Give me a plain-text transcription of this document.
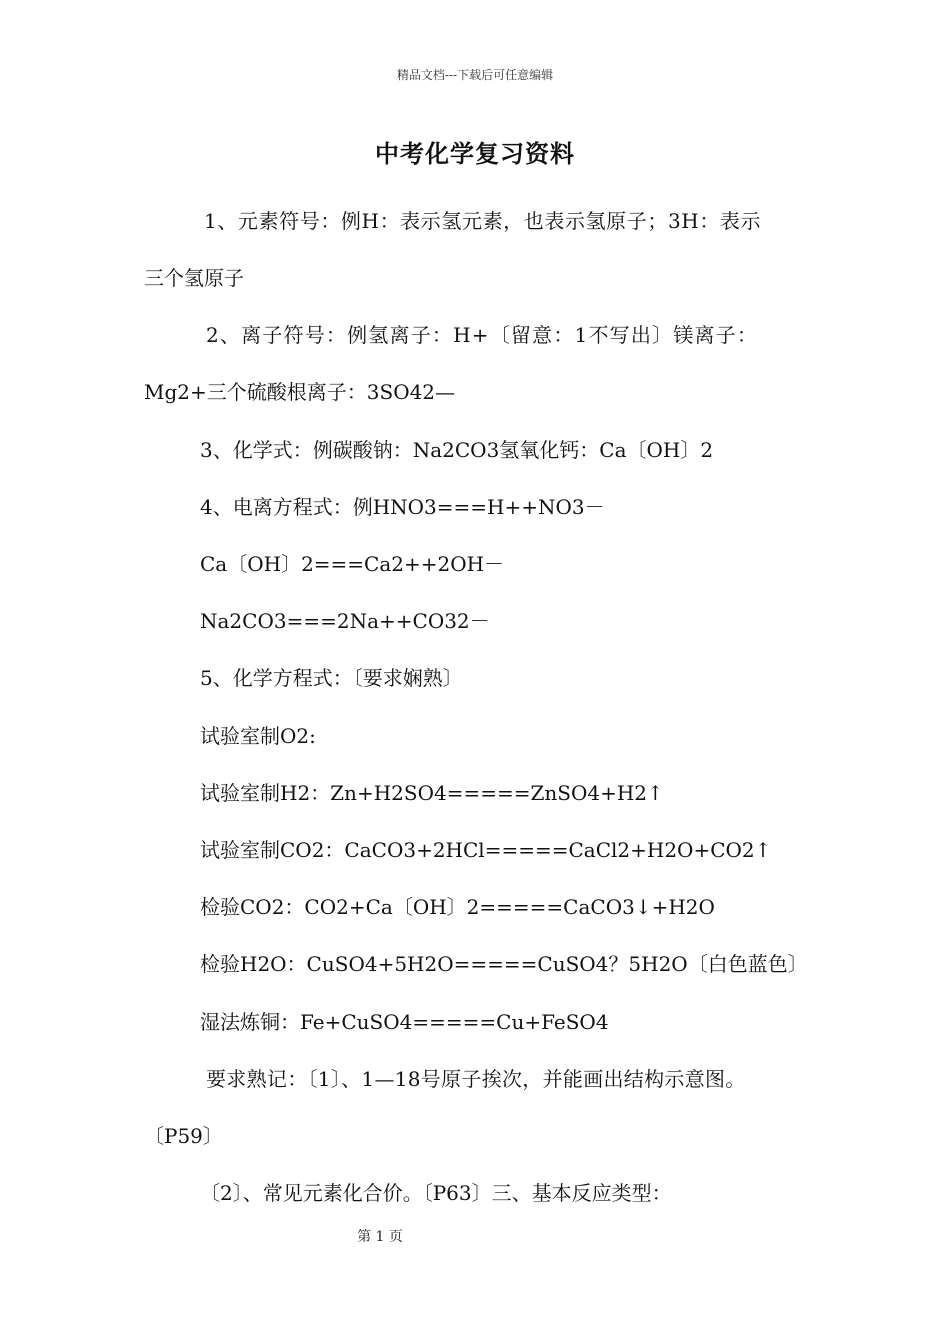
精品文档---下载后可任意编辑
中考化学复习资料

1、元素符号：例H：表示氢元素，也表示氢原子；3H：表示

三个氢原子

2、离子符号：例氢离子：H+〔留意：1不写出〕镁离子：

Mg2+三个硫酸根离子：3SO42—

3、化学式：例碳酸钠：Na2CO3氢氧化钙：Ca〔OH〕2

4、电离方程式：例HNO3===H++NO3－

Ca〔OH〕2===Ca2++2OH－

Na2CO3===2Na++CO32－

5、化学方程式：〔要求娴熟〕

试验室制O2:

试验室制H2：Zn+H2SO4=====ZnSO4+H2↑

试验室制CO2：CaCO3+2HCl=====CaCl2+H2O+CO2↑

检验CO2：CO2+Ca〔OH〕2=====CaCO3↓+H2O

检验H2O：CuSO4+5H2O=====CuSO4？5H2O〔白色蓝色〕

湿法炼铜：Fe+CuSO4=====Cu+FeSO4

要求熟记：〔1〕、1—18号原子挨次，并能画出结构示意图。

〔P59〕

〔2〕、常见元素化合价。〔P63〕三、基本反应类型：

第 1 页
